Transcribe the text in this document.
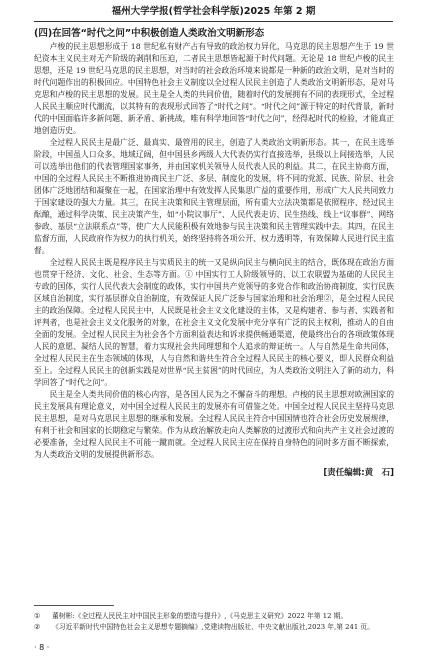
福州大学学报(哲学社会科学版)2025 年第 2 期
(四)在回答“时代之问”中积极创造人类政治文明新形态

卢梭的民主思想形成于 18 世纪私有财产占有导致的政治权力异化，马克思的民主思想产生于 19 世纪资本主义民主对无产阶级的剥削和压迫，二者民主思想皆起源于时代问题。无论是 18 世纪卢梭的民主思想，还是 19 世纪马克思的民主思想，对当时的社会政治环境来说都是一种新的政治文明，是对当时的时代问题作出的积极回应。中国特色社会主义制度以全过程人民民主创造了人类政治文明新形态，是对马克思和卢梭的民主思想的发展。民主是全人类的共同价值，随着时代的发展拥有不同的表现形式，全过程人民民主顺应时代潮流，以其特有的表现形式回答了“时代之问”。“时代之问”源于特定的时代背景，新时代的中国面临许多新问题、新矛盾、新挑战，唯有科学地回答“时代之问”，经得起时代的检验，才能真正地创造历史。

全过程人民民主是最广泛、最真实、最管用的民主，创造了人类政治文明新形态。其一，在民主选举阶段，中国虽人口众多、地域辽阔，但中国县乡两级人大代表仍实行直接选举，县级以上间接选举，人民可以选举出他们的代表管理国家事务，并由国家机关领导人员代表人民的利益。其二，在民主协商方面，中国的全过程人民民主不断推进协商民主广泛、多层、制度化的发展，将不同的党派、民族、阶层、社会团体广泛地团结和凝聚在一起，在国家治理中有效发挥人民集思广益的重要作用，形成广大人民共同致力于国家建设的强大力量。其三，在民主决策和民主管理层面，所有重大立法决策都是依照程序、经过民主酝酿，通过科学决策、民主决策产生，如“小院议事厅”、人民代表走访、民生热线、线上“议事群”、网络参政、基层“立法联系点”等，使广大人民能积极有效地参与民主决策和民主管理实践中去。其四，在民主监督方面，人民政府作为权力的执行机关，始终坚持将各项公开、权力透明等，有效保障人民进行民主监督。

全过程人民民主既是程序民主与实质民主的统一又是纵向民主与横向民主的结合，既体现在政治方面也贯穿于经济、文化、社会、生态等方面。① 中国实行工人阶级领导的、以工农联盟为基础的人民民主专政的国体，实行人民代表大会制度的政体，实行中国共产党领导的多党合作和政治协商制度，实行民族区域自治制度，实行基层群众自治制度，有效保证人民广泛参与国家治理和社会治理②，是全过程人民民主的政治保障。全过程人民民主中，人民既是社会主义文化建设的主体，又是构建者、参与者、实践者和评判者，也是社会主义文化服务的对象，在社会主义文化发展中充分享有广泛的民主权利，推动人的自由全面的发展。全过程人民民主为社会各个方面利益表达和诉求提供畅通渠道，使最终出台的各项政策体现人民的意愿、凝结人民的智慧，着力实现社会共同理想和个人追求的辩证统一。人与自然是生命共同体，全过程人民民主在生态领域的体现，人与自然和谐共生符合全过程人民民主的核心要义，即人民群众利益至上。全过程人民民主的创新实践是对世界“民主贫困”的时代回应，为人类政治文明注入了新的动力，科学回答了“时代之问”。

民主是全人类共同价值的核心内容，是各国人民为之不懈奋斗的理想。卢梭的民主思想对欧洲国家的民主发展具有理论意义，对中国全过程人民民主的发展亦有可借鉴之处。中国全过程人民民主坚持马克思民主思想，是对马克思民主思想的继承和发展。全过程人民民主符合中国国情也符合社会历史发展规律，有利于社会和国家的长期稳定与繁荣。作为从政治解放走向人类解放的过渡形式和向共产主义社会过渡的必要准备，全过程人民民主不可能一蹴而就。全过程人民民主应在保持自身特色的同时多方面不断探索，为人类政治文明的发展提供新形态。

[责任编辑:黄　石]

① 董树彬:《全过程人民民主对中国民主形象的塑造与提升》,《马克思主义研究》2022 年第 12 期。

② 《习近平新时代中国特色社会主义思想专题摘编》,党建读物出版社、中央文献出版社,2023 年,第 241 页。

· 8 ·
